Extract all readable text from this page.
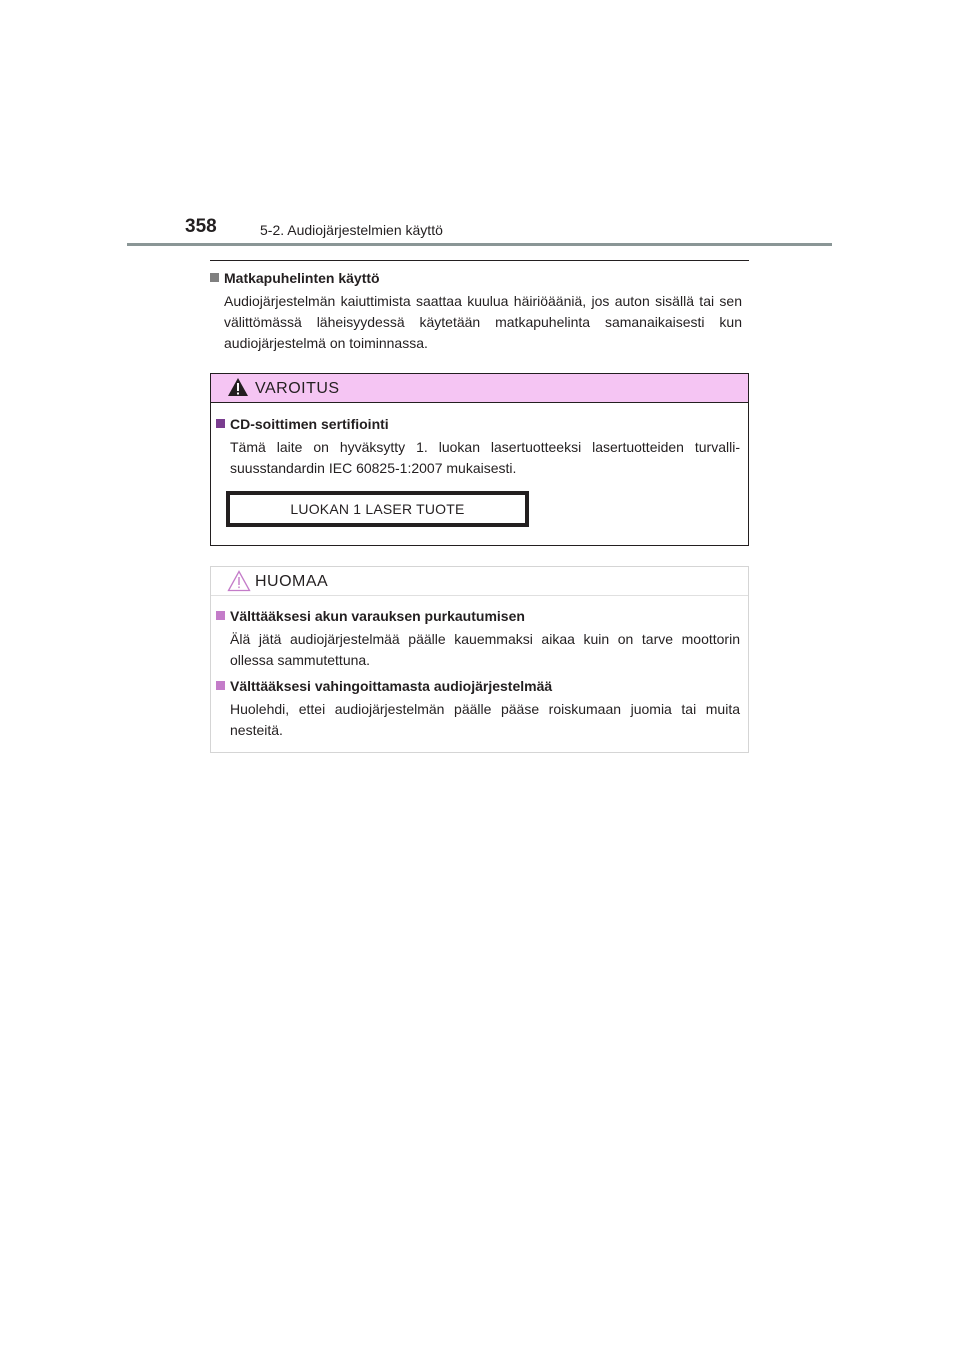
358	5-2. Audiojärjestelmien käyttö
Matkapuhelinten käyttö
Audiojärjestelmän kaiuttimista saattaa kuulua häiriöääniä, jos auton sisällä tai sen välittömässä läheisyydessä käytetään matkapuhelinta samanaikaisesti kun audiojärjestelmä on toiminnassa.
VAROITUS
CD-soittimen sertifiointi
Tämä laite on hyväksytty 1. luokan lasertuotteeksi lasertuotteiden turvalli-suusstandardin IEC 60825-1:2007 mukaisesti.
LUOKAN 1 LASER TUOTE
HUOMAA
Välttääksesi akun varauksen purkautumisen
Älä jätä audiojärjestelmää päälle kauemmaksi aikaa kuin on tarve moottorin ollessa sammutettuna.
Välttääksesi vahingoittamasta audiojärjestelmää
Huolehdi, ettei audiojärjestelmän päälle pääse roiskumaan juomia tai muita nesteitä.
